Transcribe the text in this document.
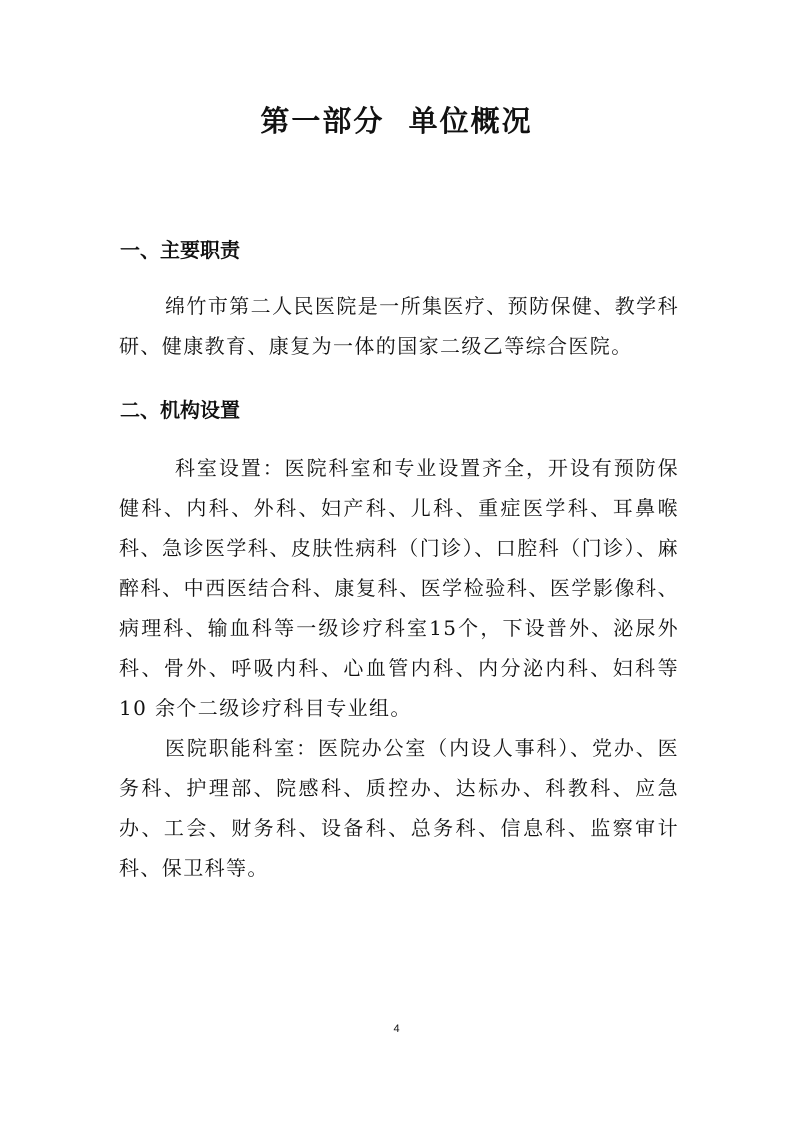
第一部分  单位概况
一、主要职责

绵竹市第二人民医院是一所集医疗、预防保健、教学科研、健康教育、康复为一体的国家二级乙等综合医院。

二、机构设置

科室设置：医院科室和专业设置齐全，开设有预防保健科、内科、外科、妇产科、儿科、重症医学科、耳鼻喉科、急诊医学科、皮肤性病科（门诊）、口腔科（门诊）、麻醉科、中西医结合科、康复科、医学检验科、医学影像科、病理科、输血科等一级诊疗科室15个，下设普外、泌尿外科、骨外、呼吸内科、心血管内科、内分泌内科、妇科等 10 余个二级诊疗科目专业组。

医院职能科室：医院办公室（内设人事科）、党办、医务科、护理部、院感科、质控办、达标办、科教科、应急办、工会、财务科、设备科、总务科、信息科、监察审计科、保卫科等。

4
